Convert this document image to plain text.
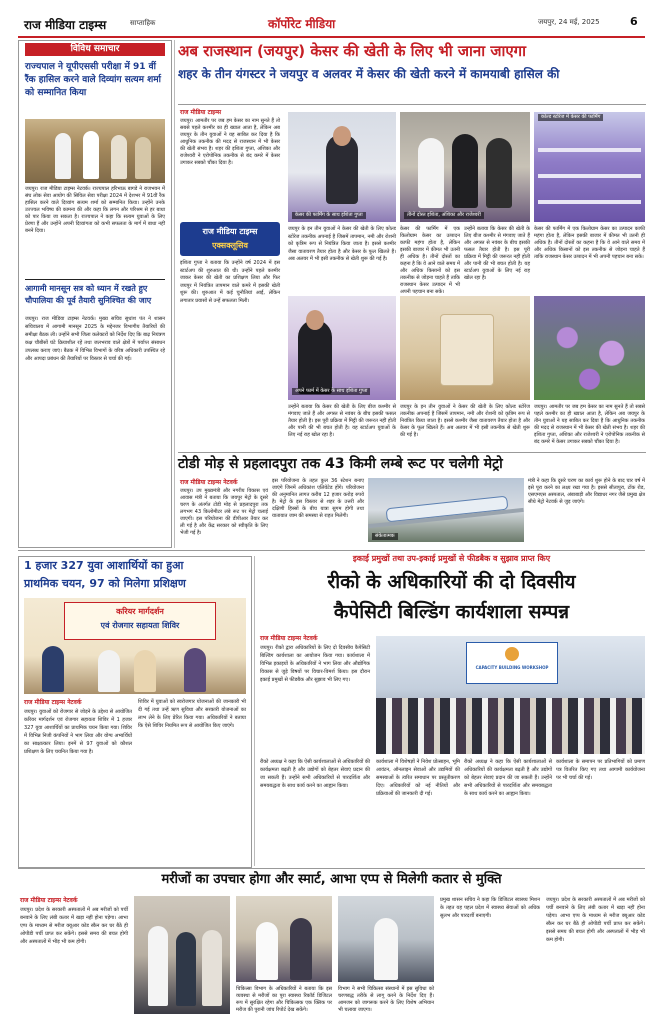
राज मीडिया टाइम्स	साप्ताहिक	कॉर्पोरेट मीडिया	जयपुर, 24 मई, 2025	6
विविध समाचार
राज्यपाल ने यूपीएससी परीक्षा में 91 वीं रैंक हासिल करने वाले दिव्यांग सत्यम शर्मा को सम्मानित किया
जयपुर। राज मीडिया टाइम्स नेटवर्क। राज्यपाल हरिभाऊ बागडे ने राजभवन में संघ लोक सेवा आयोग की सिविल सेवा परीक्षा 2024 में देशभर में 91वीं रैंक हासिल करने वाले दिव्यांग सत्यम शर्मा को सम्मानित किया। उन्होंने उनके उज्ज्वल भविष्य की कामना की और कहा कि लगन और परिश्रम से हर बाधा को पार किया जा सकता है। राज्यपाल ने कहा कि सत्यम युवाओं के लिए प्रेरणा हैं और उन्होंने अपनी दिव्यांगता को कभी सफलता के मार्ग में बाधा नहीं बनने दिया।
आगामी मानसून सत्र को ध्यान में रखते हुए चौपालिया की पूर्व तैयारी सुनिश्चित की जाए
जयपुर। राज मीडिया टाइम्स नेटवर्क। मुख्य सचिव सुधांश पंत ने शासन सचिवालय में आगामी मानसून 2025 के मद्देनजर विभागीय तैयारियों की समीक्षा बैठक ली। उन्होंने सभी जिला कलेक्टरों को निर्देश दिए कि बाढ़ नियंत्रण कक्ष चौबीसों घंटे क्रियाशील रहें तथा जलभराव वाले क्षेत्रों में पर्याप्त संसाधन उपलब्ध कराए जाएं। बैठक में विभिन्न विभागों के वरिष्ठ अधिकारी उपस्थित रहे और आपदा प्रबंधन की तैयारियों पर विस्तार से चर्चा की गई।
अब राजस्थान (जयपुर) केसर की खेती के लिए भी जाना जाएगा
शहर के तीन यंगस्टर ने जयपुर व अलवर में केसर की खेती करने में कामयाबी हासिल की
राज मीडिया टाइम्स
जयपुर। आमतौर पर जब हम केसर का नाम सुनते हैं तो सबसे पहले कश्मीर का ही ख्याल आता है, लेकिन अब जयपुर के तीन युवाओं ने यह साबित कर दिया है कि आधुनिक तकनीक की मदद से राजस्थान में भी केसर की खेती संभव है। शहर की इशिता गुप्ता, अंशिका और राजेश्वरी ने एरोपोनिक तकनीक से बंद कमरे में केसर उगाकर सबको चौंका दिया है।
केसर की फार्मिंग के साथ इशिता गुप्ता	तीनों दोस्त इशिता, अंशिका और राजेश्वरी
कोल्ड स्टोरेज में केसर की फार्मिंग
राज मीडिया टाइम्स
एक्सक्लूसिव
इशिता गुप्ता ने बताया कि उन्होंने वर्ष 2024 में इस स्टार्टअप की शुरुआत की थी। उन्होंने पहले कश्मीर जाकर केसर की खेती का प्रशिक्षण लिया और फिर जयपुर में नियंत्रित तापमान वाले कमरे में इसकी खेती शुरू की। शुरुआत में कई चुनौतियां आईं, लेकिन लगातार प्रयासों से उन्हें सफलता मिली।
जयपुर के इन तीन युवाओं ने केसर की खेती के लिए कोल्ड स्टोरेज तकनीक अपनाई है जिसमें तापमान, नमी और रोशनी को कृत्रिम रूप से नियंत्रित किया जाता है। इससे कश्मीर जैसा वातावरण तैयार होता है और केसर के फूल खिलते हैं। अब अलवर में भी इसी तकनीक से खेती शुरू की गई है।
केसर की फार्मिंग में एक किलोग्राम केसर का उत्पादन काफी महंगा होता है, लेकिन इसकी बाजार में कीमत भी उतनी ही अधिक है। तीनों दोस्तों का कहना है कि वे आने वाले समय में और अधिक किसानों को इस तकनीक से जोड़ना चाहते हैं ताकि राजस्थान केसर उत्पादन में भी अपनी पहचान बना सके।
उन्होंने बताया कि केसर की खेती के लिए बीज कश्मीर से मंगवाए जाते हैं और अगस्त से नवंबर के बीच इसकी फसल तैयार होती है। इस पूरी प्रक्रिया में मिट्टी की जरूरत नहीं होती और पानी की भी बचत होती है। यह स्टार्टअप युवाओं के लिए नई राह खोल रहा है।
केसर की फार्मिंग में एक किलोग्राम केसर का उत्पादन काफी महंगा होता है, लेकिन इसकी बाजार में कीमत भी उतनी ही अधिक है। तीनों दोस्तों का कहना है कि वे आने वाले समय में और अधिक किसानों को इस तकनीक से जोड़ना चाहते हैं ताकि राजस्थान केसर उत्पादन में भी अपनी पहचान बना सके।
अपने फार्म में केसर के साथ इशिता गुप्ता
उन्होंने बताया कि केसर की खेती के लिए बीज कश्मीर से मंगवाए जाते हैं और अगस्त से नवंबर के बीच इसकी फसल तैयार होती है। इस पूरी प्रक्रिया में मिट्टी की जरूरत नहीं होती और पानी की भी बचत होती है। यह स्टार्टअप युवाओं के लिए नई राह खोल रहा है।
जयपुर के इन तीन युवाओं ने केसर की खेती के लिए कोल्ड स्टोरेज तकनीक अपनाई है जिसमें तापमान, नमी और रोशनी को कृत्रिम रूप से नियंत्रित किया जाता है। इससे कश्मीर जैसा वातावरण तैयार होता है और केसर के फूल खिलते हैं। अब अलवर में भी इसी तकनीक से खेती शुरू की गई है।
जयपुर। आमतौर पर जब हम केसर का नाम सुनते हैं तो सबसे पहले कश्मीर का ही ख्याल आता है, लेकिन अब जयपुर के तीन युवाओं ने यह साबित कर दिया है कि आधुनिक तकनीक की मदद से राजस्थान में भी केसर की खेती संभव है। शहर की इशिता गुप्ता, अंशिका और राजेश्वरी ने एरोपोनिक तकनीक से बंद कमरे में केसर उगाकर सबको चौंका दिया है।
टोडी मोड़ से प्रहलादपुरा तक 43 किमी लम्बे रूट पर चलेगी मेट्रो
राज मीडिया टाइम्स नेटवर्क
जयपुर। उप मुख्यमंत्री और नगरीय विकास एवं आवास मंत्री ने बताया कि जयपुर मेट्रो के दूसरे चरण के अंतर्गत टोडी मोड़ से प्रहलादपुरा तक लगभग 43 किलोमीटर लंबे रूट पर मेट्रो चलाई जाएगी। इस परियोजना की डीपीआर तैयार कर ली गई है और केंद्र सरकार को स्वीकृति के लिए भेजी गई है।
इस परियोजना के तहत कुल 36 स्टेशन बनाए जाएंगे जिनमें अधिकांश एलिवेटेड होंगे। परियोजना की अनुमानित लागत करीब 12 हजार करोड़ रुपये है। मेट्रो के इस विस्तार से शहर के उत्तरी और दक्षिणी हिस्सों के बीच यात्रा सुगम होगी तथा यातायात जाम की समस्या से राहत मिलेगी।
संकेतात्मक
मंत्री ने कहा कि दूसरे चरण का कार्य शुरू होने के बाद चार वर्ष में इसे पूरा करने का लक्ष्य रखा गया है। इससे सीतापुरा, टोंक रोड, एसएमएस अस्पताल, अंबाबाड़ी और विद्याधर नगर जैसे प्रमुख क्षेत्र सीधे मेट्रो नेटवर्क से जुड़ जाएंगे।
1 हजार 327 युवा आशार्थियों का हुआ
प्राथमिक चयन, 97 को मिलेगा प्रशिक्षण
करियर मार्गदर्शन
एवं रोजगार सहायता शिविर
राज मीडिया टाइम्स नेटवर्क
जयपुर। युवाओं को रोजगार से जोड़ने के उद्देश्य से आयोजित करियर मार्गदर्शन एवं रोजगार सहायता शिविर में 1 हजार 327 युवा आशार्थियों का प्राथमिक चयन किया गया। शिविर में विभिन्न निजी कंपनियों ने भाग लिया और योग्य अभ्यर्थियों का साक्षात्कार लिया। इनमें से 97 युवाओं को कौशल प्रशिक्षण के लिए चयनित किया गया है।
शिविर में युवाओं को स्वरोजगार योजनाओं की जानकारी भी दी गई तथा उन्हें ऋण सुविधा और सरकारी योजनाओं का लाभ लेने के लिए प्रेरित किया गया। अधिकारियों ने बताया कि ऐसे शिविर नियमित रूप से आयोजित किए जाएंगे।
इकाई प्रमुखों तथा उप-इकाई प्रमुखों से फीडबैक व सुझाव प्राप्त किए
रीको के अधिकारियों की दो दिवसीय
कैपेसिटी बिल्डिंग कार्यशाला सम्पन्न
राज मीडिया टाइम्स नेटवर्क
जयपुर। रीको द्वारा अधिकारियों के लिए दो दिवसीय कैपेसिटी बिल्डिंग कार्यशाला का आयोजन किया गया। कार्यशाला में विभिन्न इकाइयों के अधिकारियों ने भाग लिया और औद्योगिक विकास से जुड़े विषयों पर विचार-विमर्श किया। इस दौरान इकाई प्रमुखों से फीडबैक और सुझाव भी लिए गए।
CAPACITY BUILDING WORKSHOP
कार्यशाला में विशेषज्ञों ने निवेश प्रोत्साहन, भूमि आवंटन, ऑनलाइन सेवाओं और उद्यमियों की समस्याओं के त्वरित समाधान पर प्रस्तुतीकरण दिए। अधिकारियों को नई नीतियों और प्रक्रियाओं की जानकारी दी गई।
रीको अध्यक्ष ने कहा कि ऐसी कार्यशालाओं से अधिकारियों की कार्यक्षमता बढ़ती है और उद्योगों को बेहतर सेवाएं प्रदान की जा सकती हैं। उन्होंने सभी अधिकारियों से पारदर्शिता और समयबद्धता के साथ कार्य करने का आह्वान किया।
कार्यशाला के समापन पर प्रतिभागियों को प्रमाण पत्र वितरित किए गए तथा आगामी कार्ययोजना पर भी चर्चा की गई।
रीको अध्यक्ष ने कहा कि ऐसी कार्यशालाओं से अधिकारियों की कार्यक्षमता बढ़ती है और उद्योगों को बेहतर सेवाएं प्रदान की जा सकती हैं। उन्होंने सभी अधिकारियों से पारदर्शिता और समयबद्धता के साथ कार्य करने का आह्वान किया।
मरीजों का उपचार होगा और स्मार्ट, आभा एप्प से मिलेगी कतार से मुक्ति
राज मीडिया टाइम्स नेटवर्क
जयपुर। प्रदेश के सरकारी अस्पतालों में अब मरीजों को पर्ची बनवाने के लिए लंबी कतार में खड़ा नहीं होना पड़ेगा। आभा एप्प के माध्यम से मरीज क्यूआर कोड स्कैन कर घर बैठे ही ओपीडी पर्ची प्राप्त कर सकेंगे। इससे समय की बचत होगी और अस्पतालों में भीड़ भी कम होगी।
चिकित्सा विभाग के अधिकारियों ने बताया कि इस व्यवस्था से मरीजों का पूरा स्वास्थ्य रिकॉर्ड डिजिटल रूप में सुरक्षित रहेगा और चिकित्सक एक क्लिक पर मरीज की पुरानी जांच रिपोर्ट देख सकेंगे।
विभाग ने सभी चिकित्सा संस्थानों में इस सुविधा को चरणबद्ध तरीके से लागू करने के निर्देश दिए हैं। आमजन को जागरूक करने के लिए विशेष अभियान भी चलाया जाएगा।
प्रमुख शासन सचिव ने कहा कि डिजिटल स्वास्थ्य मिशन के तहत यह पहल प्रदेश में स्वास्थ्य सेवाओं को अधिक सुलभ और पारदर्शी बनाएगी।
जयपुर। प्रदेश के सरकारी अस्पतालों में अब मरीजों को पर्ची बनवाने के लिए लंबी कतार में खड़ा नहीं होना पड़ेगा। आभा एप्प के माध्यम से मरीज क्यूआर कोड स्कैन कर घर बैठे ही ओपीडी पर्ची प्राप्त कर सकेंगे। इससे समय की बचत होगी और अस्पतालों में भीड़ भी कम होगी।
